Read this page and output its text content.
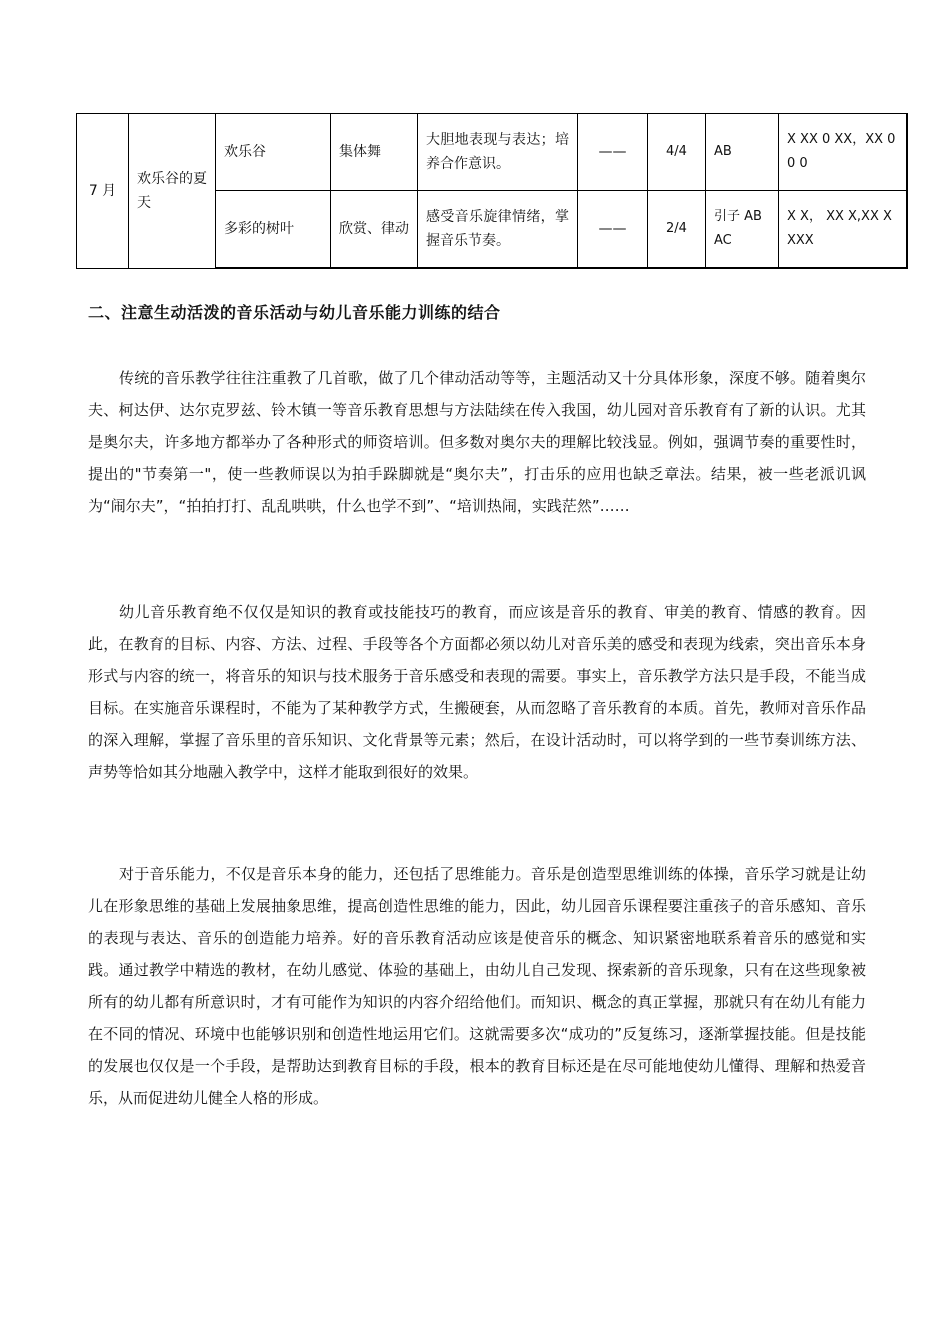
7 月	欢乐谷的夏天	欢乐谷	集体舞	大胆地表现与表达；培养合作意识。	——	4/4	AB	X XX 0 XX，XX 0 0 0
		多彩的树叶	欣赏、律动	感受音乐旋律情绪，掌握音乐节奏。	——	2/4	引子 ABAC	X X， XX X,XX XXXX
二、注意生动活泼的音乐活动与幼儿音乐能力训练的结合

传统的音乐教学往往注重教了几首歌，做了几个律动活动等等，主题活动又十分具体形象，深度不够。随着奥尔夫、柯达伊、达尔克罗兹、铃木镇一等音乐教育思想与方法陆续在传入我国，幼儿园对音乐教育有了新的认识。尤其是奥尔夫，许多地方都举办了各种形式的师资培训。但多数对奥尔夫的理解比较浅显。例如，强调节奏的重要性时，提出的"节奏第一"，使一些教师误以为拍手跺脚就是“奥尔夫”，打击乐的应用也缺乏章法。结果，被一些老派讥讽为“闹尔夫”，“拍拍打打、乱乱哄哄，什么也学不到”、“培训热闹，实践茫然”……

幼儿音乐教育绝不仅仅是知识的教育或技能技巧的教育，而应该是音乐的教育、审美的教育、情感的教育。因此，在教育的目标、内容、方法、过程、手段等各个方面都必须以幼儿对音乐美的感受和表现为线索，突出音乐本身形式与内容的统一，将音乐的知识与技术服务于音乐感受和表现的需要。事实上，音乐教学方法只是手段，不能当成目标。在实施音乐课程时，不能为了某种教学方式，生搬硬套，从而忽略了音乐教育的本质。首先，教师对音乐作品的深入理解，掌握了音乐里的音乐知识、文化背景等元素；然后，在设计活动时，可以将学到的一些节奏训练方法、声势等恰如其分地融入教学中，这样才能取到很好的效果。

对于音乐能力，不仅是音乐本身的能力，还包括了思维能力。音乐是创造型思维训练的体操，音乐学习就是让幼儿在形象思维的基础上发展抽象思维，提高创造性思维的能力，因此，幼儿园音乐课程要注重孩子的音乐感知、音乐的表现与表达、音乐的创造能力培养。好的音乐教育活动应该是使音乐的概念、知识紧密地联系着音乐的感觉和实践。通过教学中精选的教材，在幼儿感觉、体验的基础上，由幼儿自己发现、探索新的音乐现象，只有在这些现象被所有的幼儿都有所意识时，才有可能作为知识的内容介绍给他们。而知识、概念的真正掌握，那就只有在幼儿有能力在不同的情况、环境中也能够识别和创造性地运用它们。这就需要多次“成功的”反复练习，逐渐掌握技能。但是技能的发展也仅仅是一个手段，是帮助达到教育目标的手段，根本的教育目标还是在尽可能地使幼儿懂得、理解和热爱音乐，从而促进幼儿健全人格的形成。
